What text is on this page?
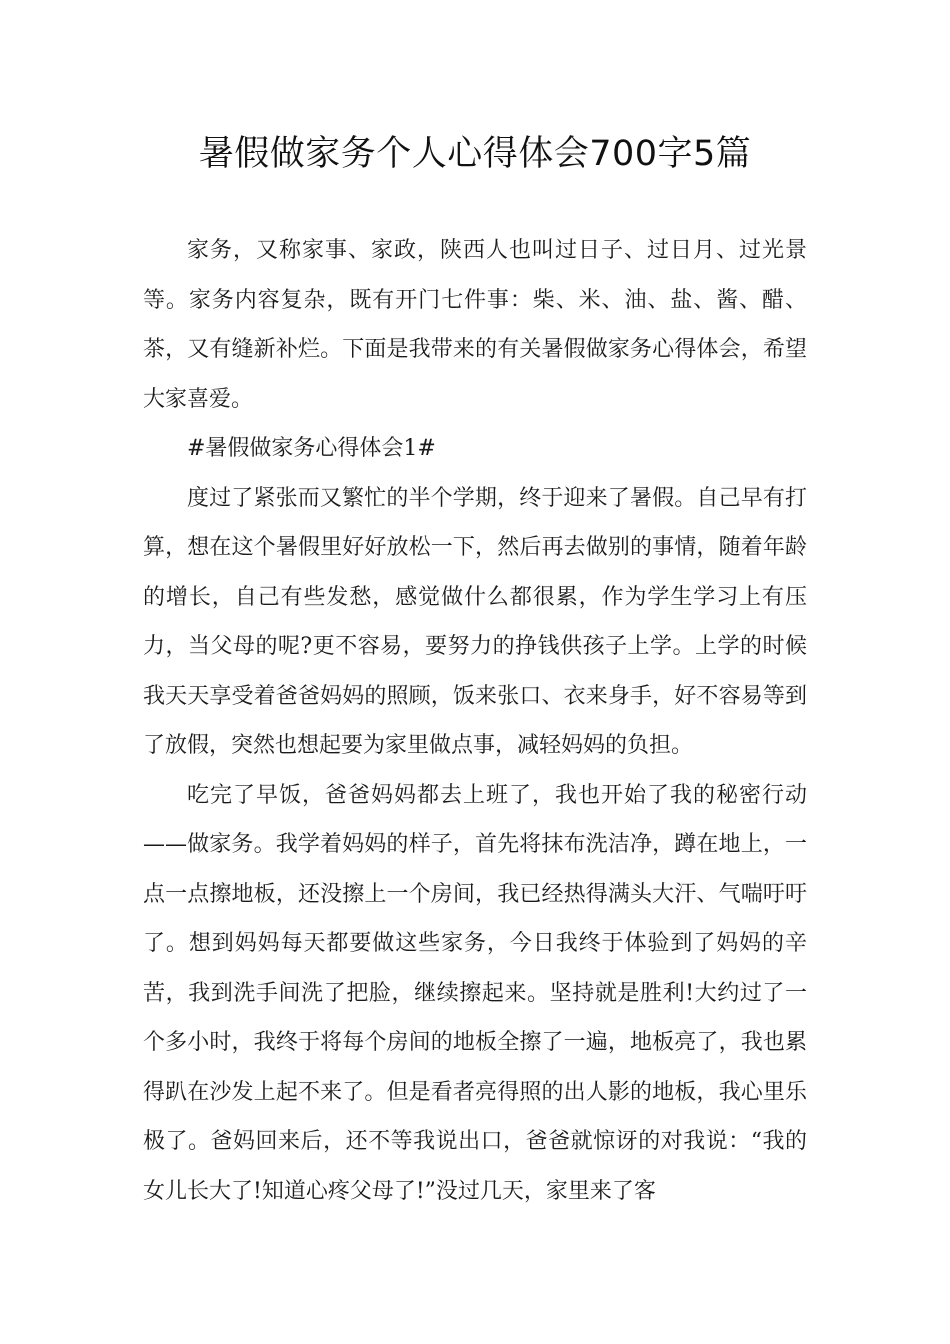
暑假做家务个人心得体会700字5篇

家务，又称家事、家政，陕西人也叫过日子、过日月、过光景等。家务内容复杂，既有开门七件事：柴、米、油、盐、酱、醋、茶，又有缝新补烂。下面是我带来的有关暑假做家务心得体会，希望大家喜爱。

#暑假做家务心得体会1#

度过了紧张而又繁忙的半个学期，终于迎来了暑假。自己早有打算，想在这个暑假里好好放松一下，然后再去做别的事情，随着年龄的增长，自己有些发愁，感觉做什么都很累，作为学生学习上有压力，当父母的呢?更不容易，要努力的挣钱供孩子上学。上学的时候我天天享受着爸爸妈妈的照顾，饭来张口、衣来身手，好不容易等到了放假，突然也想起要为家里做点事，减轻妈妈的负担。

吃完了早饭，爸爸妈妈都去上班了，我也开始了我的秘密行动——做家务。我学着妈妈的样子，首先将抹布洗洁净，蹲在地上，一点一点擦地板，还没擦上一个房间，我已经热得满头大汗、气喘吁吁了。想到妈妈每天都要做这些家务，今日我终于体验到了妈妈的辛苦，我到洗手间洗了把脸，继续擦起来。坚持就是胜利!大约过了一个多小时，我终于将每个房间的地板全擦了一遍，地板亮了，我也累得趴在沙发上起不来了。但是看者亮得照的出人影的地板，我心里乐极了。爸妈回来后，还不等我说出口，爸爸就惊讶的对我说：“我的女儿长大了!知道心疼父母了!”没过几天，家里来了客
